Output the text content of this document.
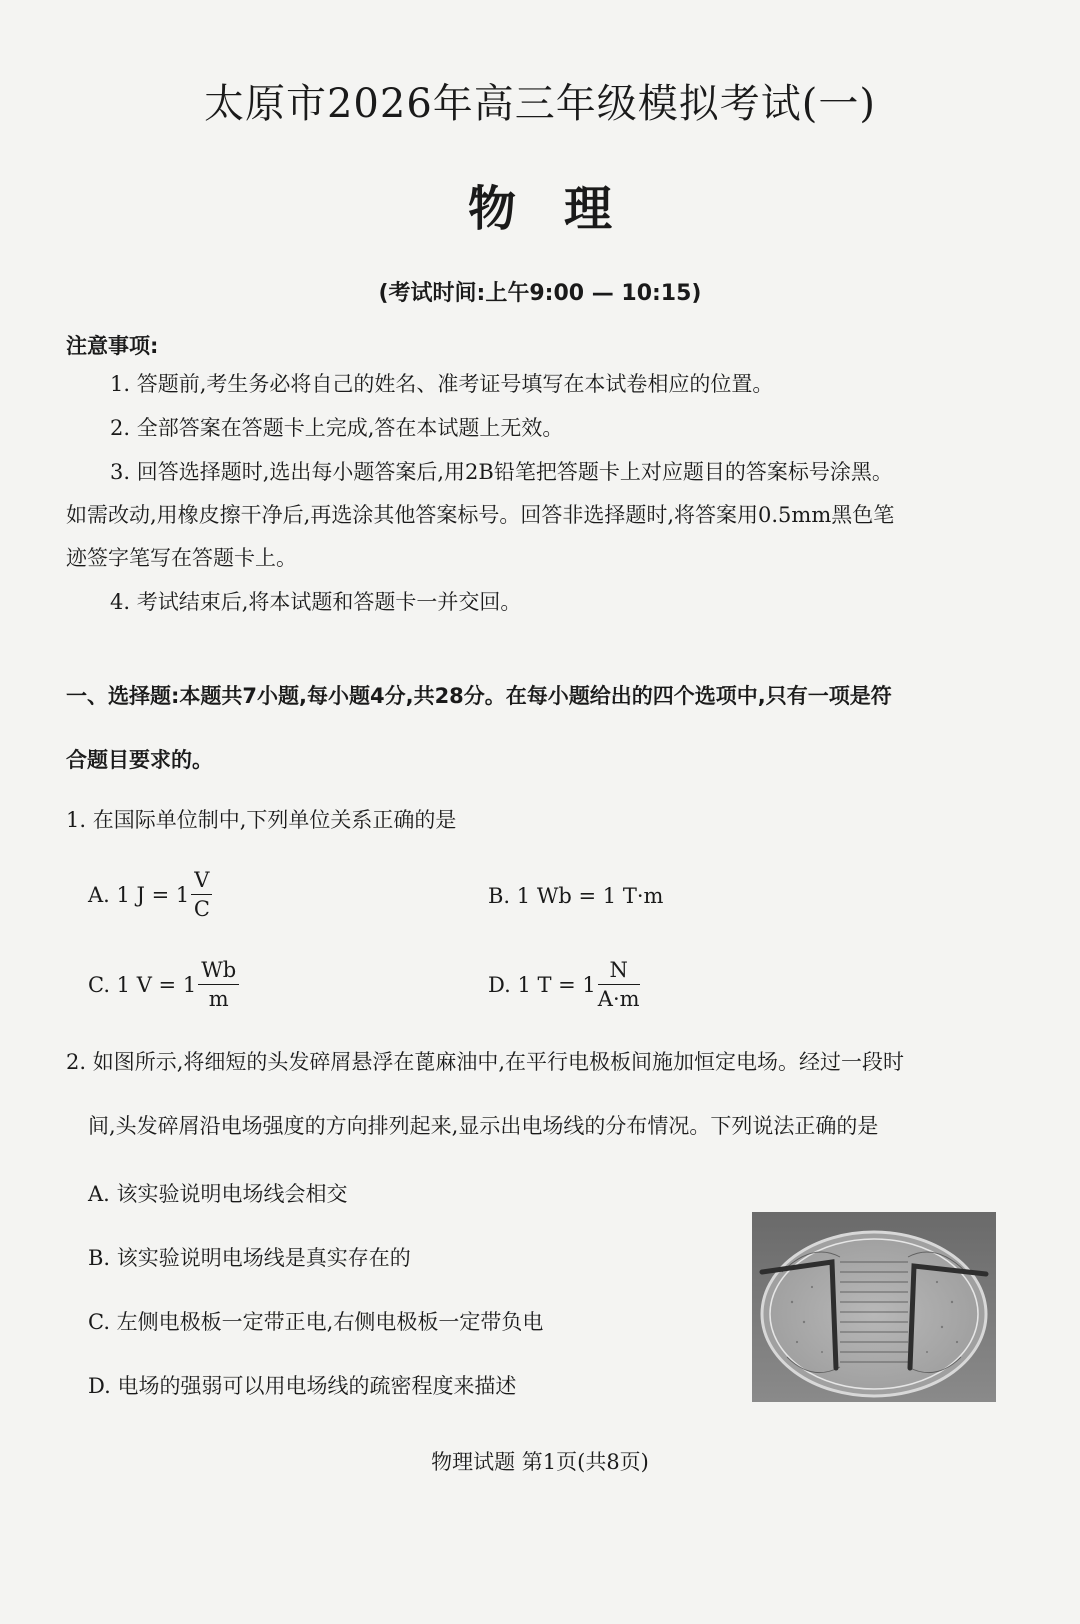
太原市2026年高三年级模拟考试(一)
物理
(考试时间:上午9:00 — 10:15)
注意事项:
1. 答题前,考生务必将自己的姓名、准考证号填写在本试卷相应的位置。
2. 全部答案在答题卡上完成,答在本试题上无效。
3. 回答选择题时,选出每小题答案后,用2B铅笔把答题卡上对应题目的答案标号涂黑。
如需改动,用橡皮擦干净后,再选涂其他答案标号。回答非选择题时,将答案用0.5mm黑色笔
迹签字笔写在答题卡上。
4. 考试结束后,将本试题和答题卡一并交回。
一、选择题:本题共7小题,每小题4分,共28分。在每小题给出的四个选项中,只有一项是符
合题目要求的。
1. 在国际单位制中,下列单位关系正确的是
A. 1 $J = 1 \frac{V}{C}$	B. 1 Wb = 1 T·m
C. 1 $V = 1 \frac{Wb}{m}$	D. 1 $T = 1 \frac{N}{A\cdot m}$
2. 如图所示,将细短的头发碎屑悬浮在蓖麻油中,在平行电极板间施加恒定电场。经过一段时
间,头发碎屑沿电场强度的方向排列起来,显示出电场线的分布情况。下列说法正确的是
A. 该实验说明电场线会相交
B. 该实验说明电场线是真实存在的
C. 左侧电极板一定带正电,右侧电极板一定带负电
D. 电场的强弱可以用电场线的疏密程度来描述
物理试题 第1页(共8页)
